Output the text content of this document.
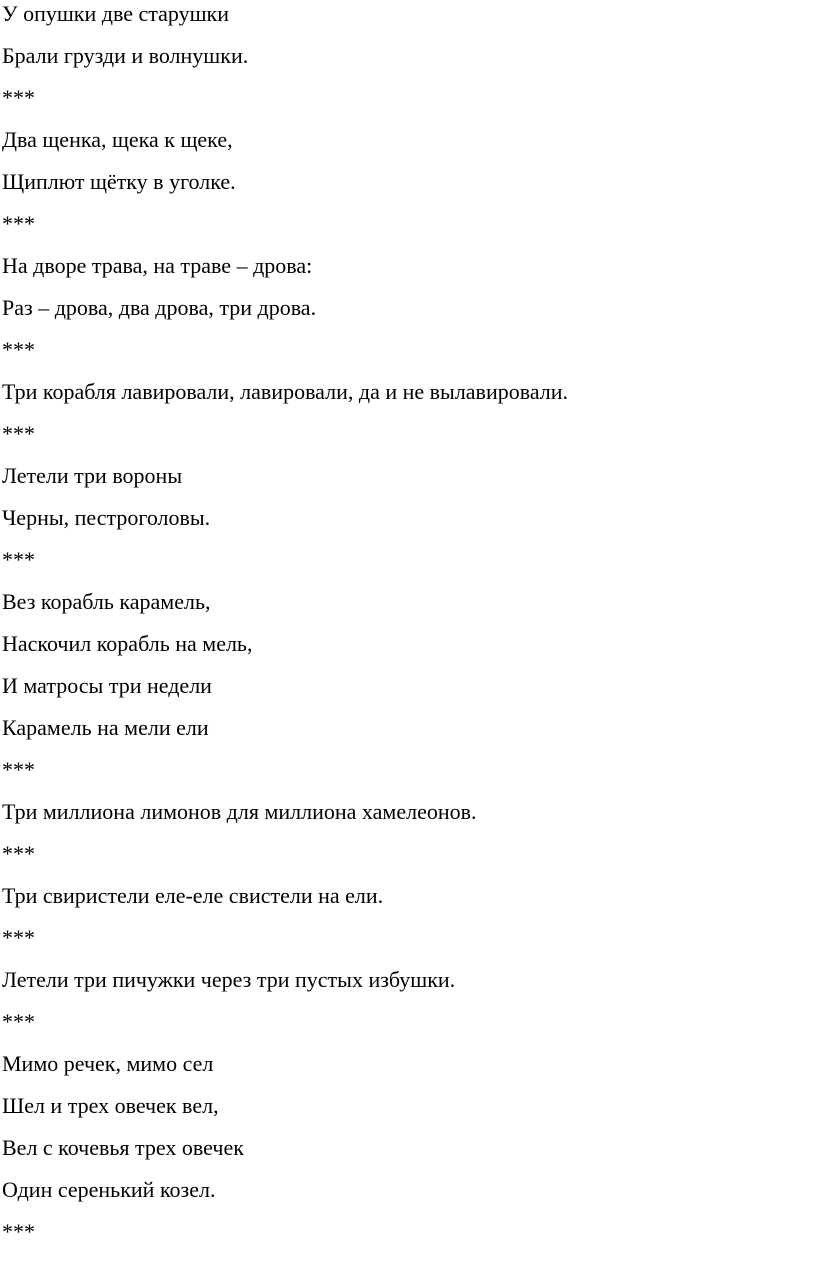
У опушки две старушки
Брали грузди и волнушки.
***
Два щенка, щека к щеке,
Щиплют щётку в уголке.
***
На дворе трава, на траве – дрова:
Раз – дрова, два дрова, три дрова.
***
Три корабля лавировали, лавировали, да и не вылавировали.
***
Летели три вороны
Черны, пестроголовы.
***
Вез корабль карамель,
Наскочил корабль на мель,
И матросы три недели
Карамель на мели ели
***
Три миллиона лимонов для миллиона хамелеонов.
***
Три свиристели еле-еле свистели на ели.
***
Летели три пичужки через три пустых избушки.
***
Мимо речек, мимо сел
Шел и трех овечек вел,
Вел с кочевья трех овечек
Один серенький козел.
***
